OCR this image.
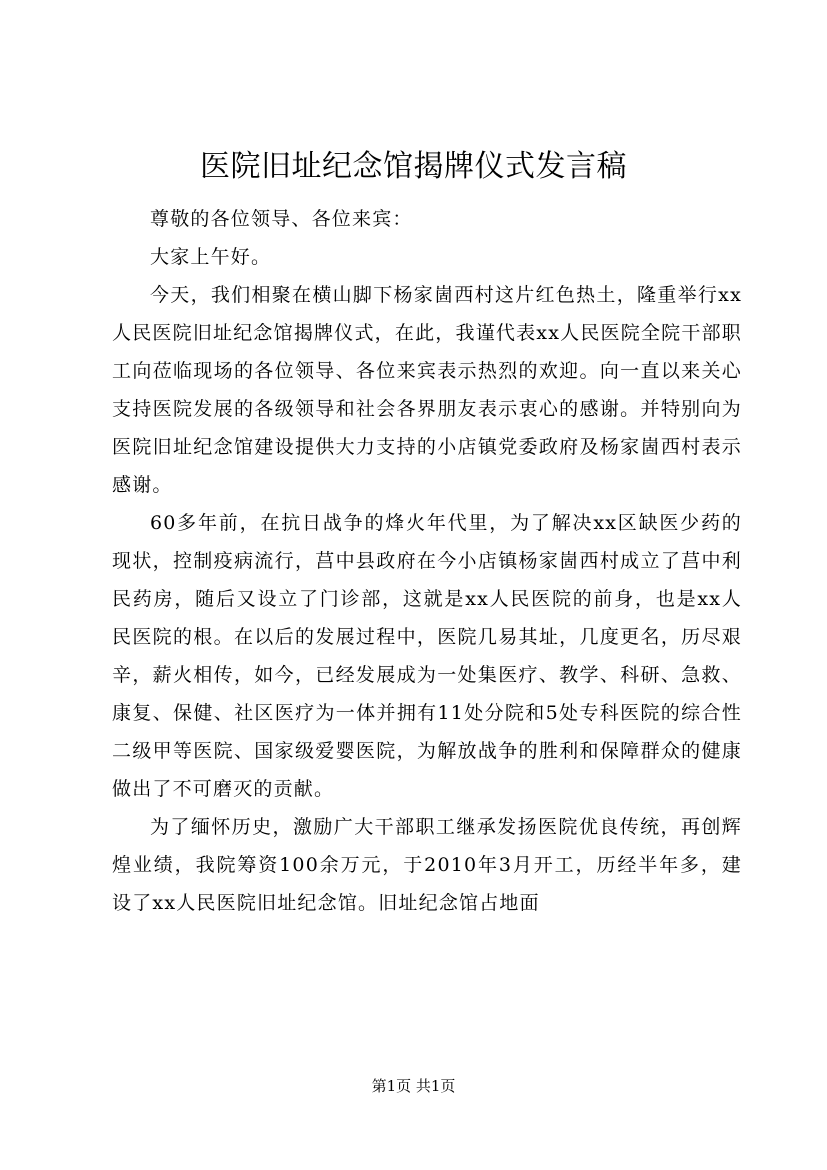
医院旧址纪念馆揭牌仪式发言稿

尊敬的各位领导、各位来宾：

大家上午好。

今天，我们相聚在横山脚下杨家崮西村这片红色热土，隆重举行xx人民医院旧址纪念馆揭牌仪式，在此，我谨代表xx人民医院全院干部职工向莅临现场的各位领导、各位来宾表示热烈的欢迎。向一直以来关心支持医院发展的各级领导和社会各界朋友表示衷心的感谢。并特别向为医院旧址纪念馆建设提供大力支持的小店镇党委政府及杨家崮西村表示感谢。

60多年前，在抗日战争的烽火年代里，为了解决xx区缺医少药的现状，控制疫病流行，莒中县政府在今小店镇杨家崮西村成立了莒中利民药房，随后又设立了门诊部，这就是xx人民医院的前身，也是xx人民医院的根。在以后的发展过程中，医院几易其址，几度更名，历尽艰辛，薪火相传，如今，已经发展成为一处集医疗、教学、科研、急救、康复、保健、社区医疗为一体并拥有11处分院和5处专科医院的综合性二级甲等医院、国家级爱婴医院，为解放战争的胜利和保障群众的健康做出了不可磨灭的贡献。

为了缅怀历史，激励广大干部职工继承发扬医院优良传统，再创辉煌业绩，我院筹资100余万元，于2010年3月开工，历经半年多，建设了xx人民医院旧址纪念馆。旧址纪念馆占地面

第1页 共1页
